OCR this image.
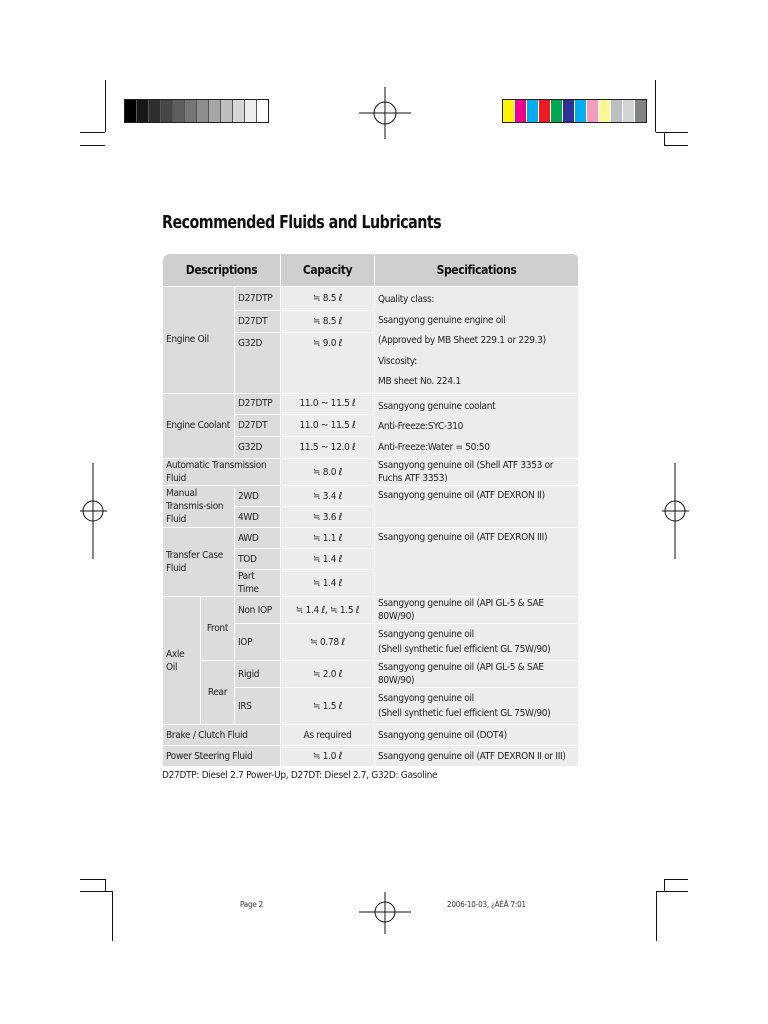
Recommended Fluids and Lubricants
Descriptions			Capacity	Specifications
Engine Oil		D27DTP	≒ 8.5 ℓ	Quality class:
Ssangyong genuine engine oil
(Approved by MB Sheet 229.1 or 229.3)
Viscosity:
MB sheet No. 224.1

		D27DT	≒ 8.5 ℓ	
		G32D	≒ 9.0 ℓ	
Engine Coolant		D27DTP	11.0 ~ 11.5 ℓ	Ssangyong genuine coolant
Anti-Freeze:SYC-310
Anti-Freeze:Water = 50:50

		D27DT	11.0 ~ 11.5 ℓ	
		G32D	11.5 ~ 12.0 ℓ	
Automatic Transmission Fluid			≒ 8.0 ℓ	Ssangyong genuine oil (Shell ATF 3353 or Fuchs ATF 3353)
Manual Transmis-sion Fluid		2WD	≒ 3.4 ℓ	Ssangyong genuine oil (ATF DEXRON II)
		4WD	≒ 3.6 ℓ	
Transfer Case Fluid		AWD	≒ 1.1 ℓ	Ssangyong genuine oil (ATF DEXRON III)
		TOD	≒ 1.4 ℓ	
		Part Time	≒ 1.4 ℓ	
Axle Oil	Front	Non IOP	≒ 1.4 ℓ, ≒ 1.5 ℓ	Ssangyong genuine oil (API GL-5 & SAE 80W/90)
		IOP	≒ 0.78 ℓ	Ssangyong genuine oil
(Shell synthetic fuel efficient GL 75W/90)

	Rear	Rigid	≒ 2.0 ℓ	Ssangyong genuine oil (API GL-5 & SAE 80W/90)
		IRS	≒ 1.5 ℓ	Ssangyong genuine oil
(Shell synthetic fuel efficient GL 75W/90)

Brake / Clutch Fluid			As required	Ssangyong genuine oil (DOT4)
Power Steering Fluid			≒ 1.0 ℓ	Ssangyong genuine oil (ATF DEXRON II or III)
D27DTP: Diesel 2.7 Power-Up, D27DT: Diesel 2.7, G32D: Gasoline
Page 2	2006-10-03, ¿ÀÈÄ 7:01
